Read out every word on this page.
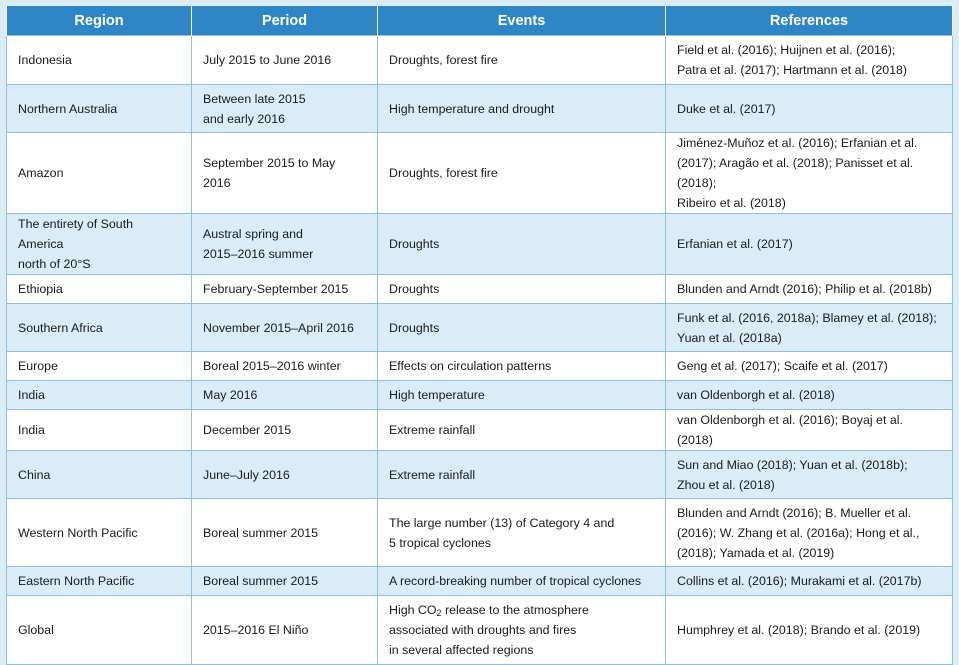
Region	Period	Events	References
Indonesia	July 2015 to June 2016	Droughts, forest fire	Field et al. (2016); Huijnen et al. (2016);
Patra et al. (2017); Hartmann et al. (2018)
Northern Australia	Between late 2015
and early 2016	High temperature and drought	Duke et al. (2017)
Amazon	September 2015 to May 2016	Droughts, forest fire	Jiménez-Muñoz et al. (2016); Erfanian et al.
(2017); Aragão et al. (2018); Panisset et al. (2018);
Ribeiro et al. (2018)
The entirety of South America
north of 20°S	Austral spring and
2015–2016 summer	Droughts	Erfanian et al. (2017)
Ethiopia	February-September 2015	Droughts	Blunden and Arndt (2016); Philip et al. (2018b)
Southern Africa	November 2015–April 2016	Droughts	Funk et al. (2016, 2018a); Blamey et al. (2018);
Yuan et al. (2018a)
Europe	Boreal 2015–2016 winter	Effects on circulation patterns	Geng et al. (2017); Scaife et al. (2017)
India	May 2016	High temperature	van Oldenborgh et al. (2018)
India	December 2015	Extreme rainfall	van Oldenborgh et al. (2016); Boyaj et al. (2018)
China	June–July 2016	Extreme rainfall	Sun and Miao (2018); Yuan et al. (2018b);
Zhou et al. (2018)
Western North Pacific	Boreal summer 2015	The large number (13) of Category 4 and
5 tropical cyclones	Blunden and Arndt (2016); B. Mueller et al.
(2016); W. Zhang et al. (2016a); Hong et al.,
(2018); Yamada et al. (2019)
Eastern North Pacific	Boreal summer 2015	A record-breaking number of tropical cyclones	Collins et al. (2016); Murakami et al. (2017b)
Global	2015–2016 El Niño	High $CO_2$ release to the atmosphere
associated with droughts and fires
in several affected regions	Humphrey et al. (2018); Brando et al. (2019)
